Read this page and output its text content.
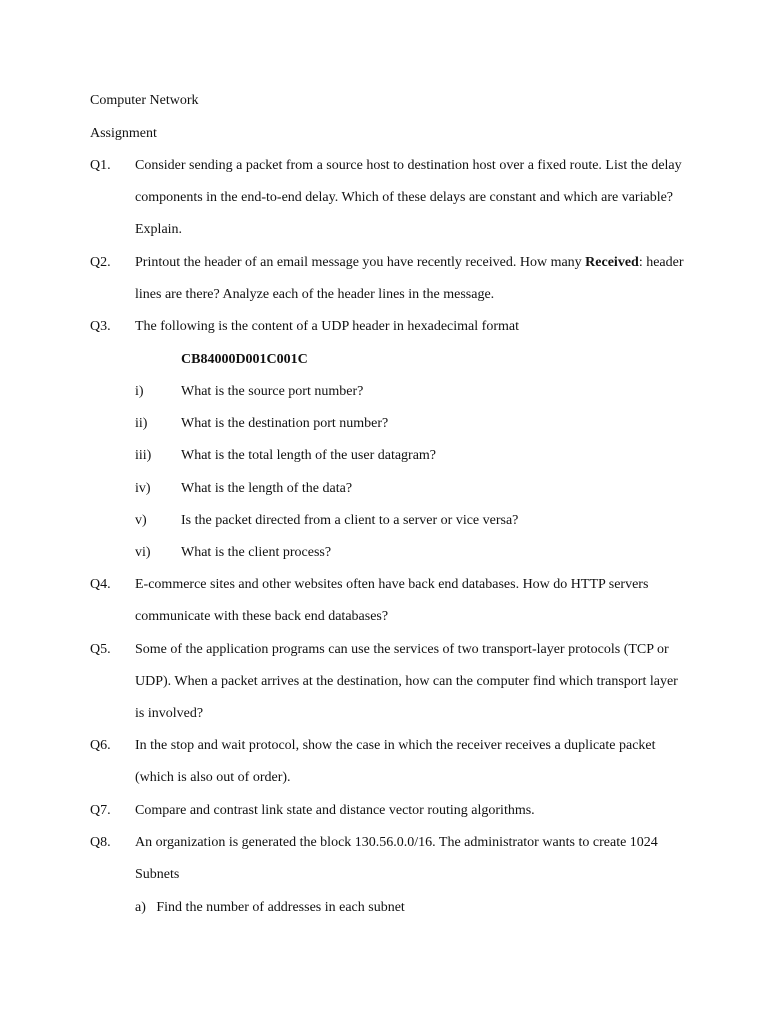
Computer Network
Assignment
Q1. Consider sending a packet from a source host to destination host over a fixed route. List the delay
components in the end-to-end delay. Which of these delays are constant and which are variable?
Explain.
Q2. Printout the header of an email message you have recently received. How many Received: header
lines are there? Analyze each of the header lines in the message.
Q3. The following is the content of a UDP header in hexadecimal format
CB84000D001C001C
i)	What is the source port number?
ii) What is the destination port number?
iii) What is the total length of the user datagram?
iv) What is the length of the data?
v) Is the packet directed from a client to a server or vice versa?
vi) What is the client process?
Q4. E-commerce sites and other websites often have back end databases. How do HTTP servers
communicate with these back end databases?
Q5. Some of the application programs can use the services of two transport-layer protocols (TCP or
UDP). When a packet arrives at the destination, how can the computer find which transport layer
is involved?
Q6. In the stop and wait protocol, show the case in which the receiver receives a duplicate packet
(which is also out of order).
Q7. Compare and contrast link state and distance vector routing algorithms.
Q8. An organization is generated the block 130.56.0.0/16. The administrator wants to create 1024
Subnets
a)   Find the number of addresses in each subnet
